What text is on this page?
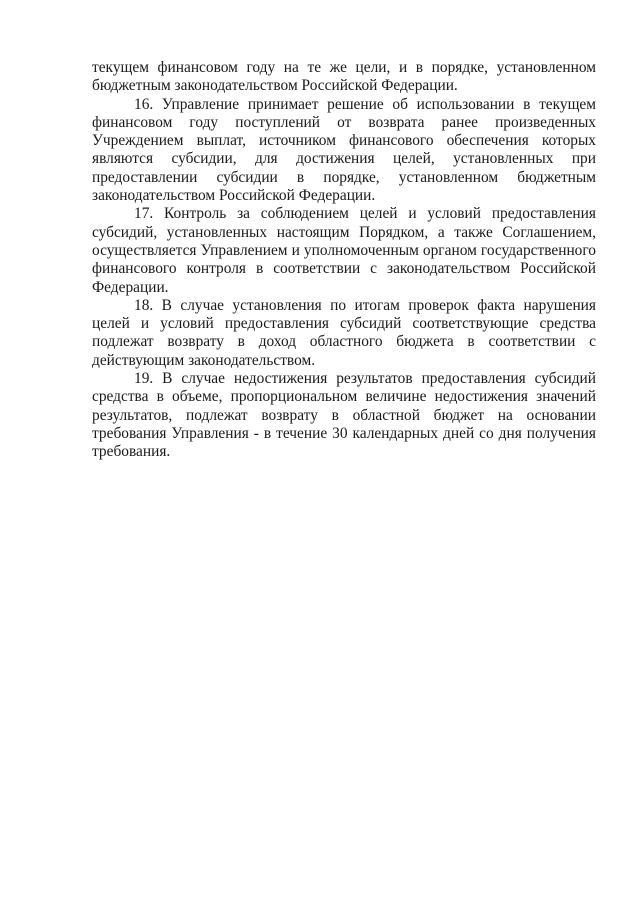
текущем финансовом году на те же цели, и в порядке, установленном бюджетным законодательством Российской Федерации.

16. Управление принимает решение об использовании в текущем финансовом году поступлений от возврата ранее произведенных Учреждением выплат, источником финансового обеспечения которых являются субсидии, для достижения целей, установленных при предоставлении субсидии в порядке, установленном бюджетным законодательством Российской Федерации.

17. Контроль за соблюдением целей и условий предоставления субсидий, установленных настоящим Порядком, а также Соглашением, осуществляется Управлением и уполномоченным органом государственного финансового контроля в соответствии с законодательством Российской Федерации.

18. В случае установления по итогам проверок факта нарушения целей и условий предоставления субсидий соответствующие средства подлежат возврату в доход областного бюджета в соответствии с действующим законодательством.

19. В случае недостижения результатов предоставления субсидий средства в объеме, пропорциональном величине недостижения значений результатов, подлежат возврату в областной бюджет на основании требования Управления - в течение 30 календарных дней со дня получения требования.
